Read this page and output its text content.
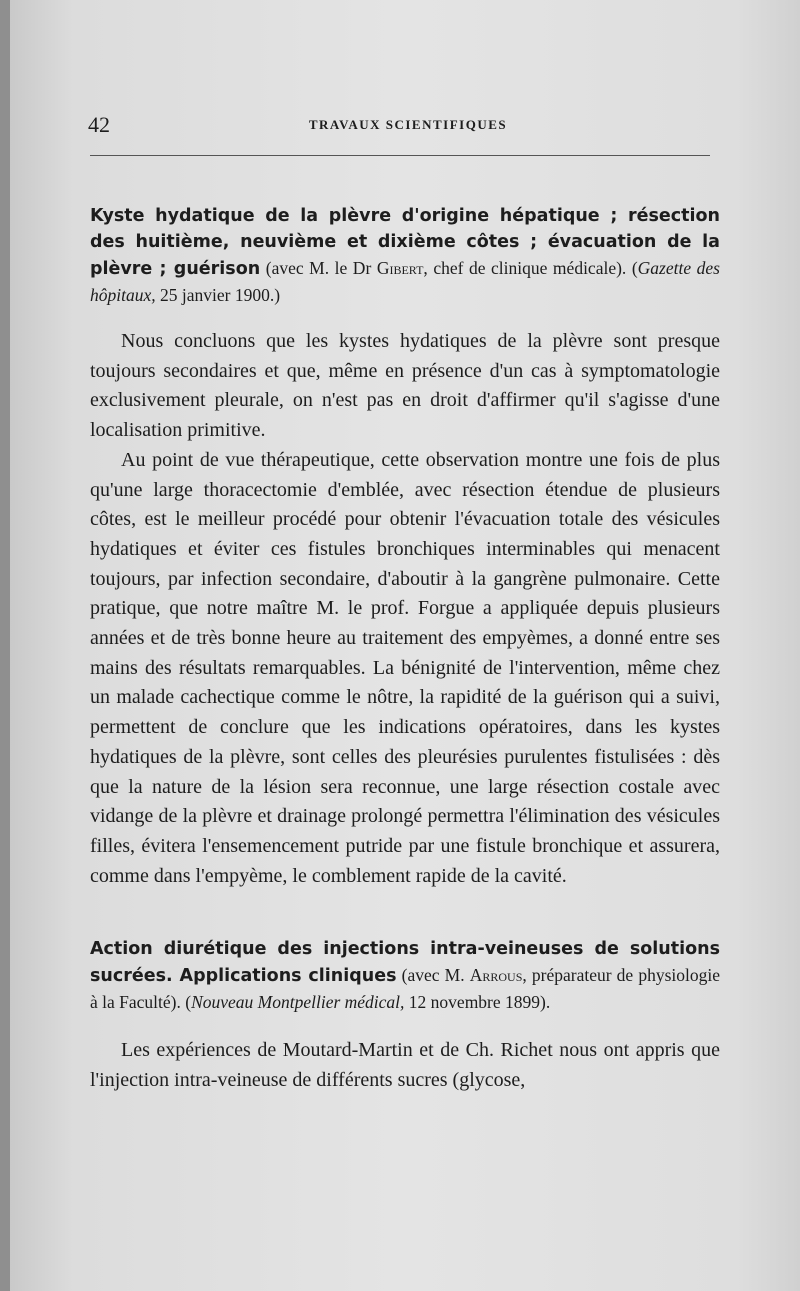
42	TRAVAUX SCIENTIFIQUES

Kyste hydatique de la plèvre d'origine hépatique ; résection des huitième, neuvième et dixième côtes ; évacuation de la plèvre ; guérison (avec M. le Dr Gibert, chef de clinique médicale). (Gazette des hôpitaux, 25 janvier 1900.)

Nous concluons que les kystes hydatiques de la plèvre sont presque toujours secondaires et que, même en présence d'un cas à symptomatologie exclusivement pleurale, on n'est pas en droit d'affirmer qu'il s'agisse d'une localisation primitive.

Au point de vue thérapeutique, cette observation montre une fois de plus qu'une large thoracectomie d'emblée, avec résection étendue de plusieurs côtes, est le meilleur procédé pour obtenir l'évacuation totale des vésicules hydatiques et éviter ces fistules bronchiques interminables qui menacent toujours, par infection secondaire, d'aboutir à la gangrène pulmonaire. Cette pratique, que notre maître M. le prof. Forgue a appliquée depuis plusieurs années et de très bonne heure au traitement des empyèmes, a donné entre ses mains des résultats remarquables. La bénignité de l'intervention, même chez un malade cachectique comme le nôtre, la rapidité de la guérison qui a suivi, permettent de conclure que les indications opératoires, dans les kystes hydatiques de la plèvre, sont celles des pleurésies purulentes fistulisées : dès que la nature de la lésion sera reconnue, une large résection costale avec vidange de la plèvre et drainage prolongé permettra l'élimination des vésicules filles, évitera l'ensemencement putride par une fistule bronchique et assurera, comme dans l'empyème, le comblement rapide de la cavité.

Action diurétique des injections intra-veineuses de solutions sucrées. Applications cliniques (avec M. Arrous, préparateur de physiologie à la Faculté). (Nouveau Montpellier médical, 12 novembre 1899).

Les expériences de Moutard-Martin et de Ch. Richet nous ont appris que l'injection intra-veineuse de différents sucres (glycose,
